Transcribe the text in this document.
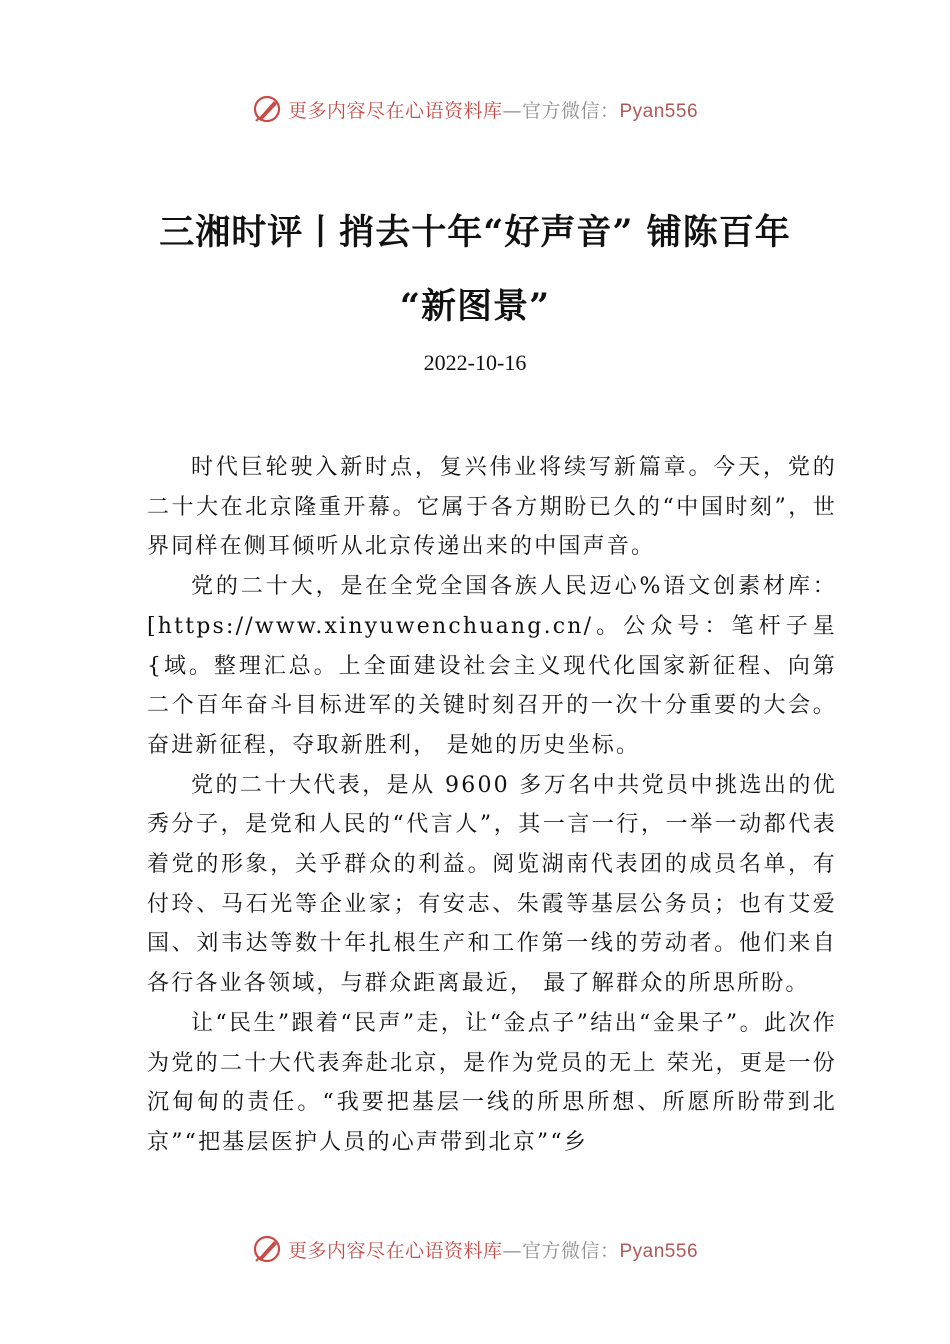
更多内容尽在心语资料库—官方微信：Pyan556
三湘时评丨捎去十年“好声音” 铺陈百年
“新图景”
2022-10-16

时代巨轮驶入新时点，复兴伟业将续写新篇章。今天，党的二十大在北京隆重开幕。它属于各方期盼已久的“中国时刻”，世界同样在侧耳倾听从北京传递出来的中国声音。

党的二十大，是在全党全国各族人民迈心%语文创素材库：[https://www.xinyuwenchuang.cn/。公众号：笔杆子星{域。整理汇总。上全面建设社会主义现代化国家新征程、向第二个百年奋斗目标进军的关键时刻召开的一次十分重要的大会。奋进新征程，夺取新胜利， 是她的历史坐标。

党的二十大代表，是从 9600 多万名中共党员中挑选出的优秀分子，是党和人民的“代言人”，其一言一行，一举一动都代表着党的形象，关乎群众的利益。阅览湖南代表团的成员名单，有付玲、马石光等企业家；有安志、朱霞等基层公务员；也有艾爱国、刘韦达等数十年扎根生产和工作第一线的劳动者。他们来自各行各业各领域，与群众距离最近， 最了解群众的所思所盼。

让“民生”跟着“民声”走，让“金点子”结出“金果子”。此次作为党的二十大代表奔赴北京，是作为党员的无上 荣光，更是一份沉甸甸的责任。“我要把基层一线的所思所想、所愿所盼带到北京”“把基层医护人员的心声带到北京”“乡

更多内容尽在心语资料库—官方微信：Pyan556
